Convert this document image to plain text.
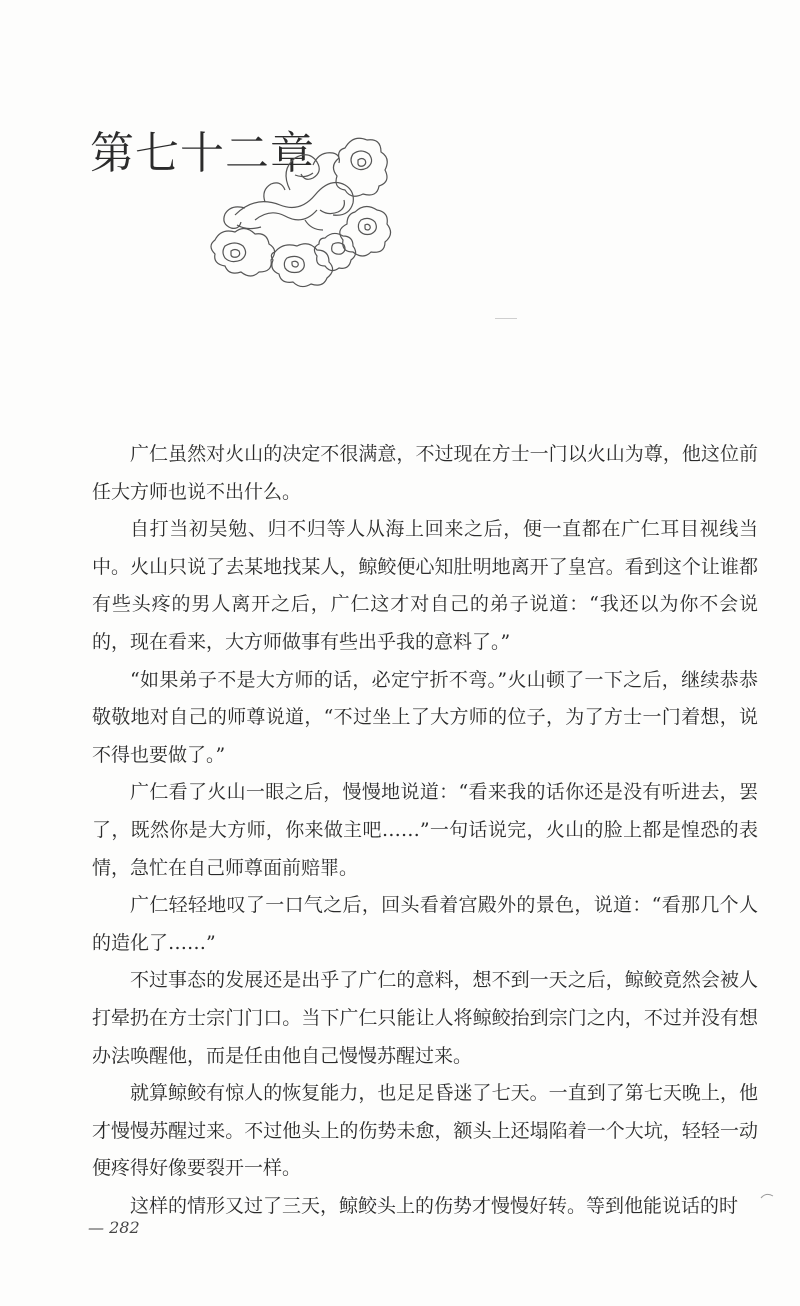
第七十二章

广仁虽然对火山的决定不很满意，不过现在方士一门以火山为尊，他这位前任大方师也说不出什么。

自打当初吴勉、归不归等人从海上回来之后，便一直都在广仁耳目视线当中。火山只说了去某地找某人，鲸鲛便心知肚明地离开了皇宫。看到这个让谁都有些头疼的男人离开之后，广仁这才对自己的弟子说道：“我还以为你不会说的，现在看来，大方师做事有些出乎我的意料了。”

“如果弟子不是大方师的话，必定宁折不弯。”火山顿了一下之后，继续恭恭敬敬地对自己的师尊说道，“不过坐上了大方师的位子，为了方士一门着想，说不得也要做了。”

广仁看了火山一眼之后，慢慢地说道：“看来我的话你还是没有听进去，罢了，既然你是大方师，你来做主吧……”一句话说完，火山的脸上都是惶恐的表情，急忙在自己师尊面前赔罪。

广仁轻轻地叹了一口气之后，回头看着宫殿外的景色，说道：“看那几个人的造化了……”

不过事态的发展还是出乎了广仁的意料，想不到一天之后，鲸鲛竟然会被人打晕扔在方士宗门门口。当下广仁只能让人将鲸鲛抬到宗门之内，不过并没有想办法唤醒他，而是任由他自己慢慢苏醒过来。

就算鲸鲛有惊人的恢复能力，也足足昏迷了七天。一直到了第七天晚上，他才慢慢苏醒过来。不过他头上的伤势未愈，额头上还塌陷着一个大坑，轻轻一动便疼得好像要裂开一样。

这样的情形又过了三天，鲸鲛头上的伤势才慢慢好转。等到他能说话的时

— 282
